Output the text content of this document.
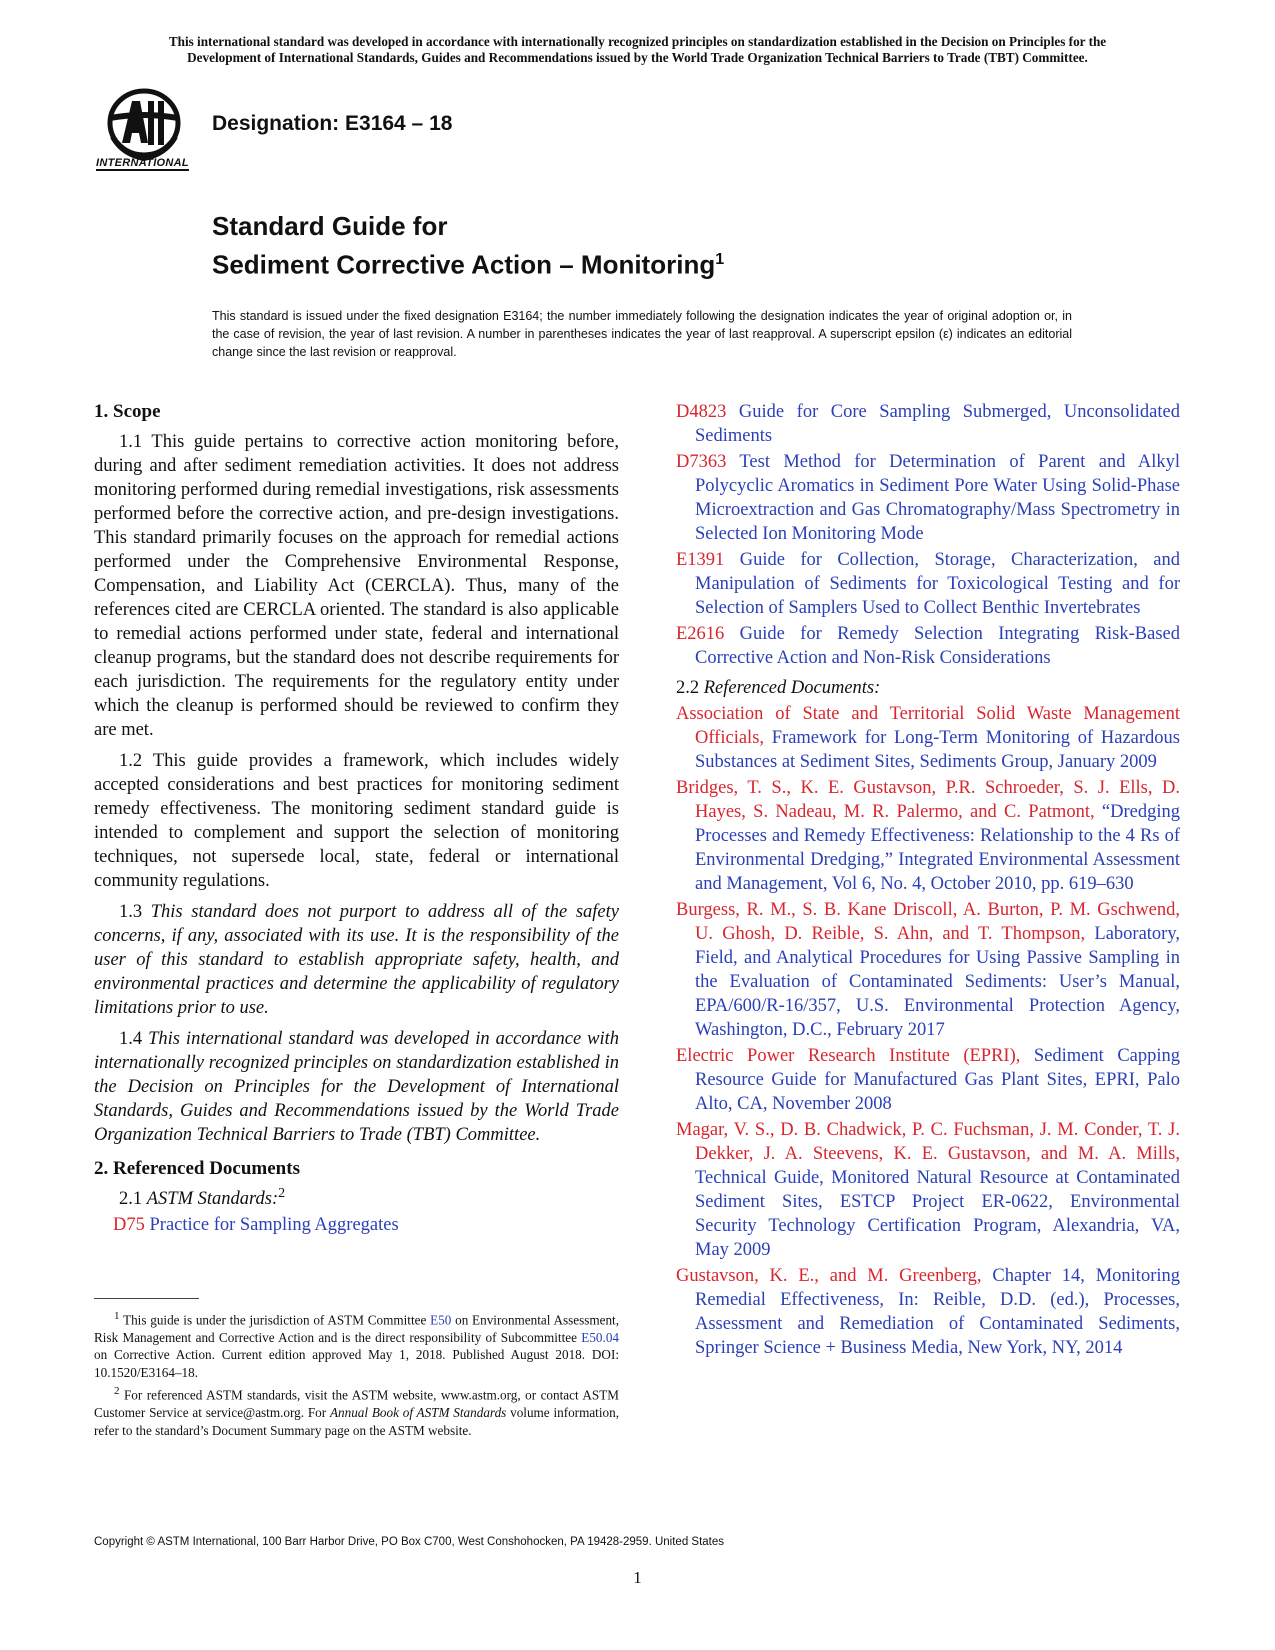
This international standard was developed in accordance with internationally recognized principles on standardization established in the Decision on Principles for the
Development of International Standards, Guides and Recommendations issued by the World Trade Organization Technical Barriers to Trade (TBT) Committee.
INTERNATIONAL
Designation: E3164 – 18
Standard Guide for
Sediment Corrective Action – Monitoring$^1$
This standard is issued under the fixed designation E3164; the number immediately following the designation indicates the year of original adoption or, in the case of revision, the year of last revision. A number in parentheses indicates the year of last reapproval. A superscript epsilon (ε) indicates an editorial change since the last revision or reapproval.
1. Scope

1.1 This guide pertains to corrective action monitoring before, during and after sediment remediation activities. It does not address monitoring performed during remedial investigations, risk assessments performed before the corrective action, and pre-design investigations. This standard primarily focuses on the approach for remedial actions performed under the Comprehensive Environmental Response, Compensation, and Liability Act (CERCLA). Thus, many of the references cited are CERCLA oriented. The standard is also applicable to remedial actions performed under state, federal and international cleanup programs, but the standard does not describe requirements for each jurisdiction. The requirements for the regulatory entity under which the cleanup is performed should be reviewed to confirm they are met.

1.2 This guide provides a framework, which includes widely accepted considerations and best practices for monitoring sediment remedy effectiveness. The monitoring sediment standard guide is intended to complement and support the selection of monitoring techniques, not supersede local, state, federal or international community regulations.

1.3 This standard does not purport to address all of the safety concerns, if any, associated with its use. It is the responsibility of the user of this standard to establish appropriate safety, health, and environmental practices and determine the applicability of regulatory limitations prior to use.

1.4 This international standard was developed in accordance with internationally recognized principles on standardization established in the Decision on Principles for the Development of International Standards, Guides and Recommendations issued by the World Trade Organization Technical Barriers to Trade (TBT) Committee.

2. Referenced Documents

2.1 ASTM Standards:$^2$

D75 Practice for Sampling Aggregates
$^1$ This guide is under the jurisdiction of ASTM Committee E50 on Environmental Assessment, Risk Management and Corrective Action and is the direct responsibility of Subcommittee E50.04 on Corrective Action. Current edition approved May 1, 2018. Published August 2018. DOI: 10.1520/E3164–18.
$^2$ For referenced ASTM standards, visit the ASTM website, www.astm.org, or contact ASTM Customer Service at service@astm.org. For Annual Book of ASTM Standards volume information, refer to the standard’s Document Summary page on the ASTM website.
D4823 Guide for Core Sampling Submerged, Unconsolidated Sediments
D7363 Test Method for Determination of Parent and Alkyl Polycyclic Aromatics in Sediment Pore Water Using Solid-Phase Microextraction and Gas Chromatography/Mass Spectrometry in Selected Ion Monitoring Mode
E1391 Guide for Collection, Storage, Characterization, and Manipulation of Sediments for Toxicological Testing and for Selection of Samplers Used to Collect Benthic Invertebrates
E2616 Guide for Remedy Selection Integrating Risk-Based Corrective Action and Non-Risk Considerations
2.2 Referenced Documents:
Association of State and Territorial Solid Waste Management Officials, Framework for Long-Term Monitoring of Hazardous Substances at Sediment Sites, Sediments Group, January 2009
Bridges, T. S., K. E. Gustavson, P.R. Schroeder, S. J. Ells, D. Hayes, S. Nadeau, M. R. Palermo, and C. Patmont, “Dredging Processes and Remedy Effectiveness: Relationship to the 4 Rs of Environmental Dredging,” Integrated Environmental Assessment and Management, Vol 6, No. 4, October 2010, pp. 619–630
Burgess, R. M., S. B. Kane Driscoll, A. Burton, P. M. Gschwend, U. Ghosh, D. Reible, S. Ahn, and T. Thompson, Laboratory, Field, and Analytical Procedures for Using Passive Sampling in the Evaluation of Contaminated Sediments: User’s Manual, EPA/600/R-16/357, U.S. Environmental Protection Agency, Washington, D.C., February 2017
Electric Power Research Institute (EPRI), Sediment Capping Resource Guide for Manufactured Gas Plant Sites, EPRI, Palo Alto, CA, November 2008
Magar, V. S., D. B. Chadwick, P. C. Fuchsman, J. M. Conder, T. J. Dekker, J. A. Steevens, K. E. Gustavson, and M. A. Mills, Technical Guide, Monitored Natural Resource at Contaminated Sediment Sites, ESTCP Project ER-0622, Environmental Security Technology Certification Program, Alexandria, VA, May 2009
Gustavson, K. E., and M. Greenberg, Chapter 14, Monitoring Remedial Effectiveness, In: Reible, D.D. (ed.), Processes, Assessment and Remediation of Contaminated Sediments, Springer Science + Business Media, New York, NY, 2014
Copyright © ASTM International, 100 Barr Harbor Drive, PO Box C700, West Conshohocken, PA 19428-2959. United States
1
